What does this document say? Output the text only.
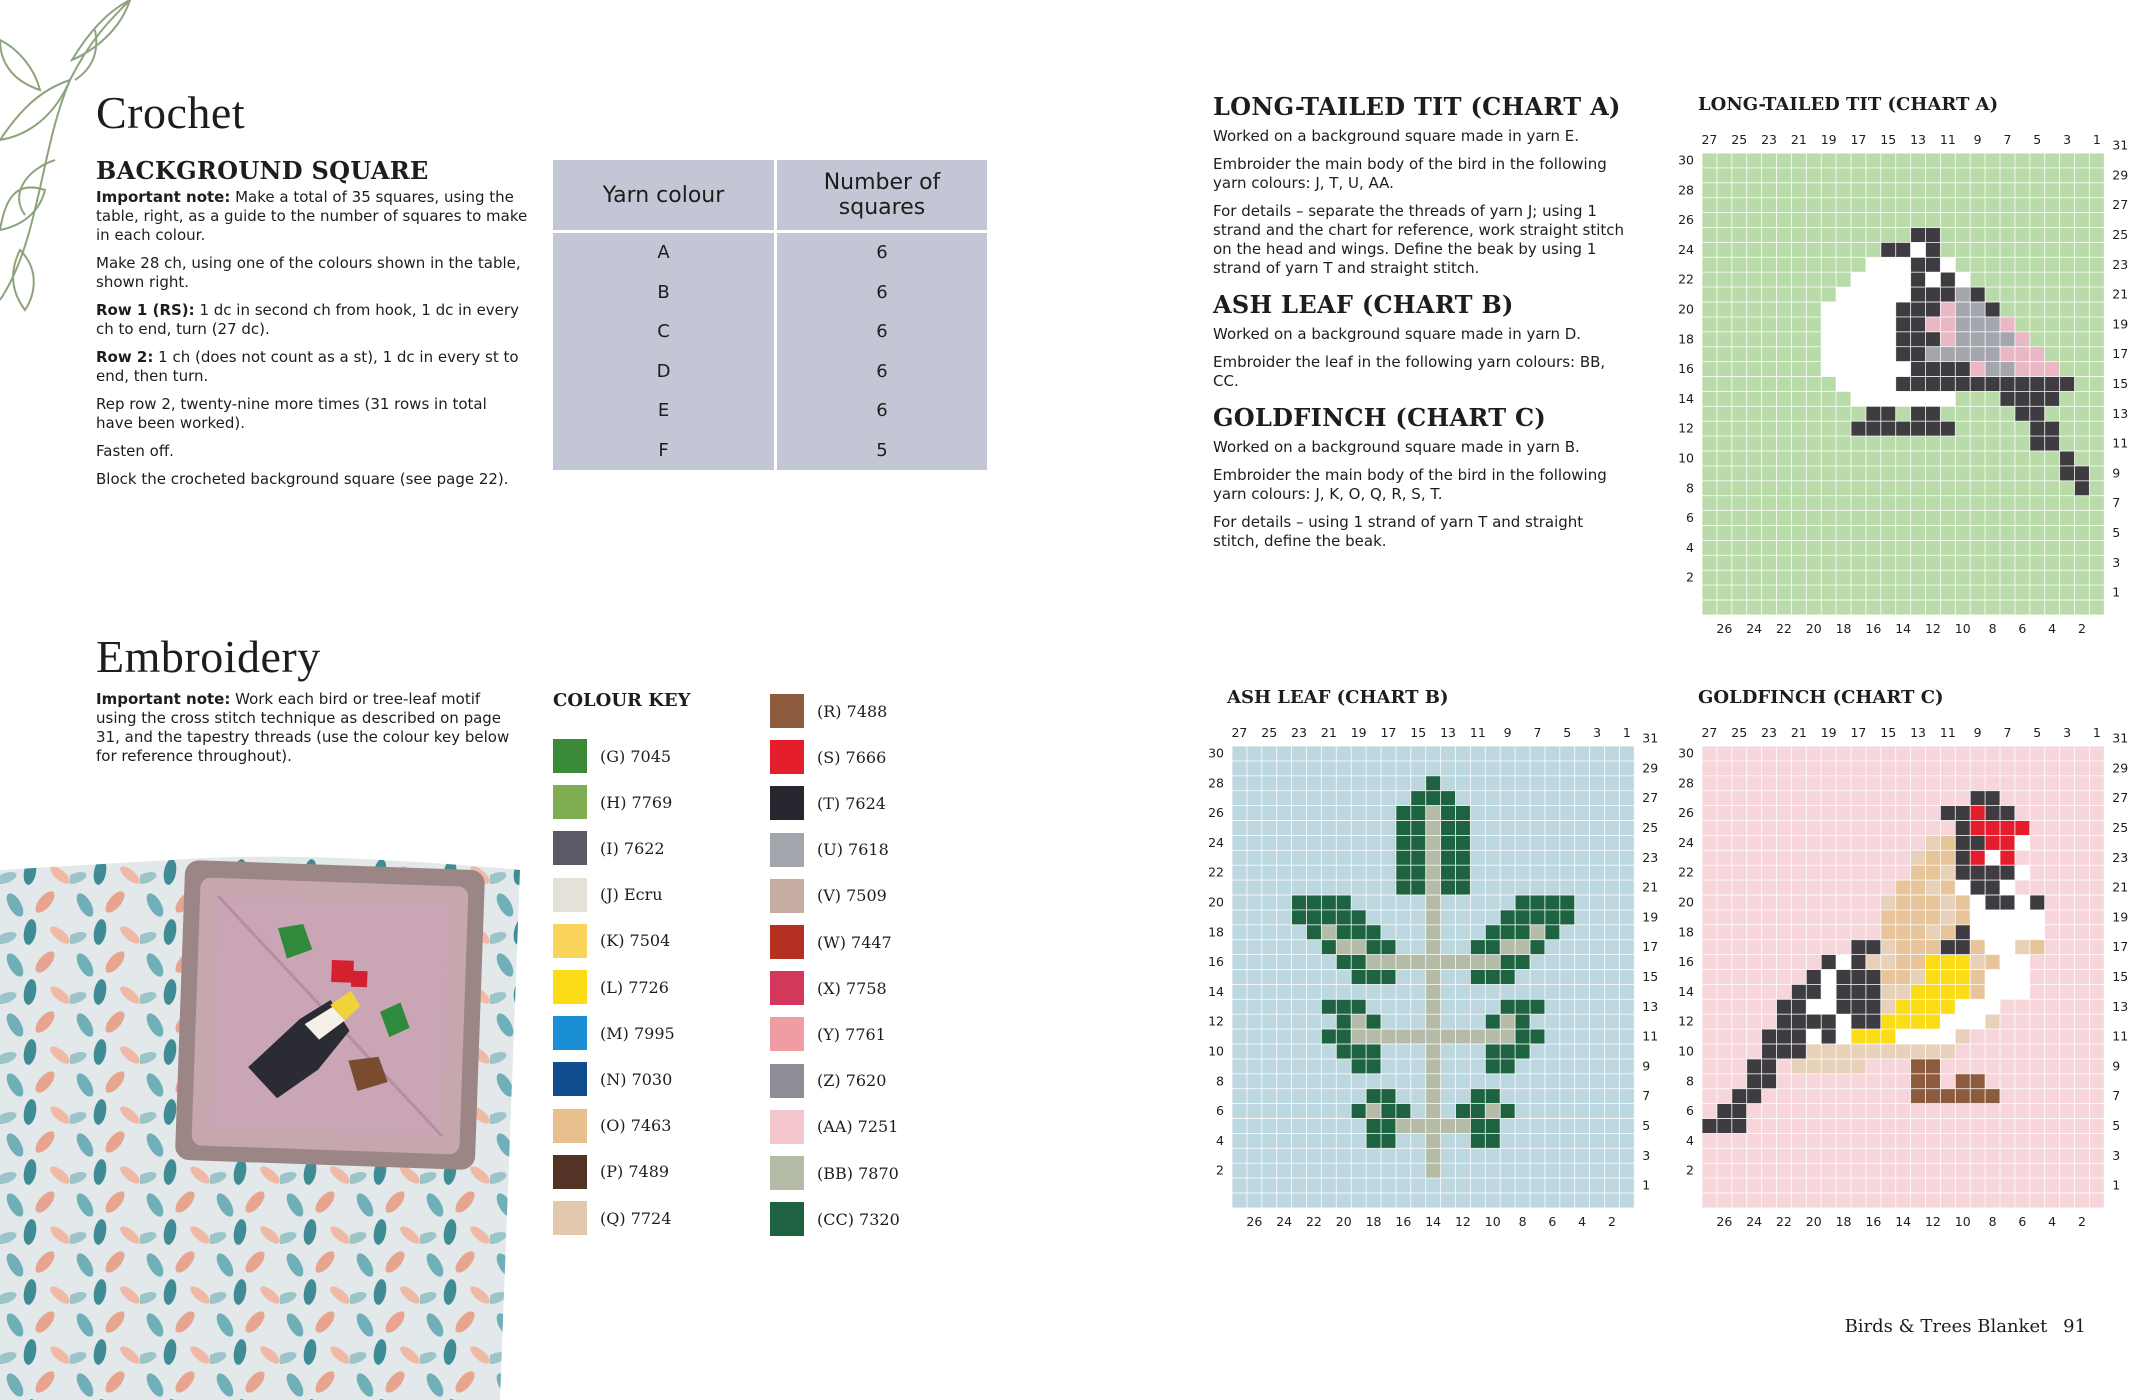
Crochet
BACKGROUND SQUARE

Important note: Make a total of 35 squares, using the table, right, as a guide to the number of squares to make in each colour.

Make 28 ch, using one of the colours shown in the table, shown right.

Row 1 (RS): 1 dc in second ch from hook, 1 dc in every ch to end, turn (27 dc).

Row 2: 1 ch (does not count as a st), 1 dc in every st to end, then turn.

Rep row 2, twenty-nine more times (31 rows in total have been worked).

Fasten off.

Block the crocheted background square (see page 22).

Yarn colour	Number of squares
A	6
B	6
C	6
D	6
E	6
F	5
Embroidery

Important note: Work each bird or tree-leaf motif using the cross stitch technique as described on page 31, and the tapestry threads (use the colour key below for reference throughout).

COLOUR KEY
(G) 7045
(H) 7769
(I) 7622
(J) Ecru
(K) 7504
(L) 7726
(M) 7995
(N) 7030
(O) 7463
(P) 7489
(Q) 7724
(R) 7488
(S) 7666
(T) 7624
(U) 7618
(V) 7509
(W) 7447
(X) 7758
(Y) 7761
(Z) 7620
(AA) 7251
(BB) 7870
(CC) 7320
LONG-TAILED TIT (CHART A)

Worked on a background square made in yarn E.

Embroider the main body of the bird in the following yarn colours: J, T, U, AA.

For details – separate the threads of yarn J; using 1 strand and the chart for reference, work straight stitch on the head and wings. Define the beak by using 1 strand of yarn T and straight stitch.

ASH LEAF (CHART B)

Worked on a background square made in yarn D.

Embroider the leaf in the following yarn colours: BB, CC.

GOLDFINCH (CHART C)

Worked on a background square made in yarn B.

Embroider the main body of the bird in the following yarn colours: J, K, O, Q, R, S, T.

For details – using 1 strand of yarn T and straight stitch, define the beak.

LONG-TAILED TIT (CHART A)
27 25 23 21 19 17 15 13 11 9 7 5 3 1
26 24 22 20 18 16 14 12 10 8 6 4 2
30
28
26
24
22
20
18
16
14
12
10
8
6
4
2
31
29
27
25
23
21
19
17
15
13
11
9
7
5
3
1
ASH LEAF (CHART B)
27 25 23 21 19 17 15 13 11 9 7 5 3 1
26 24 22 20 18 16 14 12 10 8 6 4 2
30
28
26
24
22
20
18
16
14
12
10
8
6
4
2
31
29
27
25
23
21
19
17
15
13
11
9
7
5
3
1
GOLDFINCH (CHART C)
27 25 23 21 19 17 15 13 11 9 7 5 3 1
26 24 22 20 18 16 14 12 10 8 6 4 2
30
28
26
24
22
20
18
16
14
12
10
8
6
4
2
31
29
27
25
23
21
19
17
15
13
11
9
7
5
3
1
Birds & Trees Blanket 91
